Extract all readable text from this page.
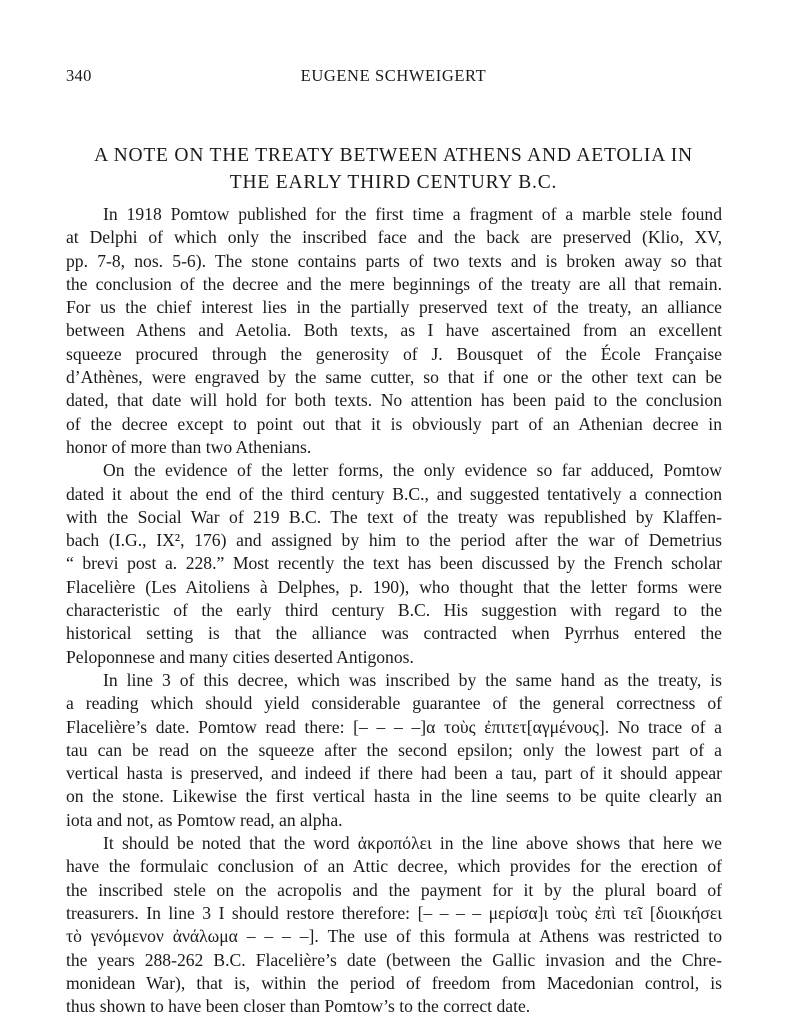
340	EUGENE SCHWEIGERT
A NOTE ON THE TREATY BETWEEN ATHENS AND AETOLIA IN
THE EARLY THIRD CENTURY B.C.

In 1918 Pomtow published for the first time a fragment of a marble stele found
at Delphi of which only the inscribed face and the back are preserved (Klio, XV,
pp. 7-8, nos. 5-6). The stone contains parts of two texts and is broken away so that
the conclusion of the decree and the mere beginnings of the treaty are all that remain.
For us the chief interest lies in the partially preserved text of the treaty, an alliance
between Athens and Aetolia. Both texts, as I have ascertained from an excellent
squeeze procured through the generosity of J. Bousquet of the École Française
d’Athènes, were engraved by the same cutter, so that if one or the other text can be
dated, that date will hold for both texts. No attention has been paid to the conclusion
of the decree except to point out that it is obviously part of an Athenian decree in
honor of more than two Athenians.

On the evidence of the letter forms, the only evidence so far adduced, Pomtow
dated it about the end of the third century B.C., and suggested tentatively a connection
with the Social War of 219 B.C. The text of the treaty was republished by Klaffen-
bach (I.G., IX², 176) and assigned by him to the period after the war of Demetrius
“ brevi post a. 228.” Most recently the text has been discussed by the French scholar
Flacelière (Les Aitoliens à Delphes, p. 190), who thought that the letter forms were
characteristic of the early third century B.C. His suggestion with regard to the
historical setting is that the alliance was contracted when Pyrrhus entered the
Peloponnese and many cities deserted Antigonos.

In line 3 of this decree, which was inscribed by the same hand as the treaty, is
a reading which should yield considerable guarantee of the general correctness of
Flacelière’s date. Pomtow read there: [– – – –]α τοὺς ἐπιτετ[αγμένους]. No trace of a
tau can be read on the squeeze after the second epsilon; only the lowest part of a
vertical hasta is preserved, and indeed if there had been a tau, part of it should appear
on the stone. Likewise the first vertical hasta in the line seems to be quite clearly an
iota and not, as Pomtow read, an alpha.

It should be noted that the word ἀκροπόλει in the line above shows that here we
have the formulaic conclusion of an Attic decree, which provides for the erection of
the inscribed stele on the acropolis and the payment for it by the plural board of
treasurers. In line 3 I should restore therefore: [– – – – μερίσα]ι τοὺς ἐπὶ τεῖ [διοικήσει
τὸ γενόμενον ἀνάλωμα – – – –]. The use of this formula at Athens was restricted to
the years 288-262 B.C. Flacelière’s date (between the Gallic invasion and the Chre-
monidean War), that is, within the period of freedom from Macedonian control, is
thus shown to have been closer than Pomtow’s to the correct date.
